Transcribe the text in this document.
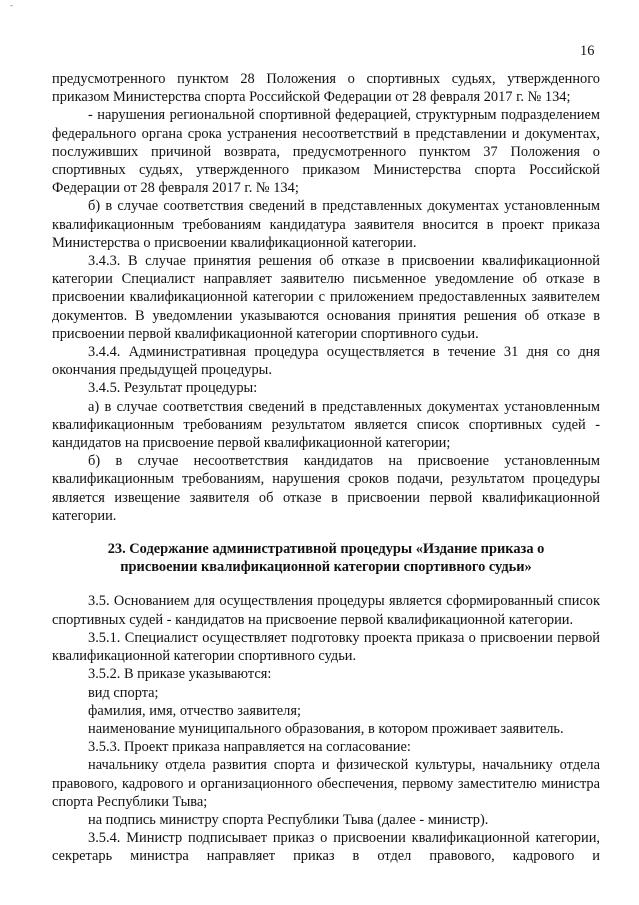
-
16

предусмотренного пунктом 28 Положения о спортивных судьях, утвержденного приказом Министерства спорта Российской Федерации от 28 февраля 2017 г. № 134;

- нарушения региональной спортивной федерацией, структурным подразделением федерального органа срока устранения несоответствий в представлении и документах, послуживших причиной возврата, предусмотренного пунктом 37 Положения о спортивных судьях, утвержденного приказом Министерства спорта Российской Федерации от 28 февраля 2017 г. № 134;

б) в случае соответствия сведений в представленных документах установленным квалификационным требованиям кандидатура заявителя вносится в проект приказа Министерства о присвоении квалификационной категории.

3.4.3. В случае принятия решения об отказе в присвоении квалификационной категории Специалист направляет заявителю письменное уведомление об отказе в присвоении квалификационной категории с приложением предоставленных заявителем документов. В уведомлении указываются основания принятия решения об отказе в присвоении первой квалификационной категории спортивного судьи.

3.4.4. Административная процедура осуществляется в течение 31 дня со дня окончания предыдущей процедуры.

3.4.5. Результат процедуры:

а) в случае соответствия сведений в представленных документах установленным квалификационным требованиям результатом является список спортивных судей - кандидатов на присвоение первой квалификационной категории;

б) в случае несоответствия кандидатов на присвоение установленным квалификационным требованиям, нарушения сроков подачи, результатом процедуры является извещение заявителя об отказе в присвоении первой квалификационной категории.

23. Содержание административной процедуры «Издание приказа о присвоении квалификационной категории спортивного судьи»

3.5. Основанием для осуществления процедуры является сформированный список спортивных судей - кандидатов на присвоение первой квалификационной категории.

3.5.1. Специалист осуществляет подготовку проекта приказа о присвоении первой квалификационной категории спортивного судьи.

3.5.2. В приказе указываются:

вид спорта;

фамилия, имя, отчество заявителя;

наименование муниципального образования, в котором проживает заявитель.

3.5.3. Проект приказа направляется на согласование:

начальнику отдела развития спорта и физической культуры, начальнику отдела правового, кадрового и организационного обеспечения, первому заместителю министра спорта Республики Тыва;

на подпись министру спорта Республики Тыва (далее - министр).

3.5.4. Министр подписывает приказ о присвоении квалификационной категории, секретарь министра направляет приказ в отдел правового, кадрового и
